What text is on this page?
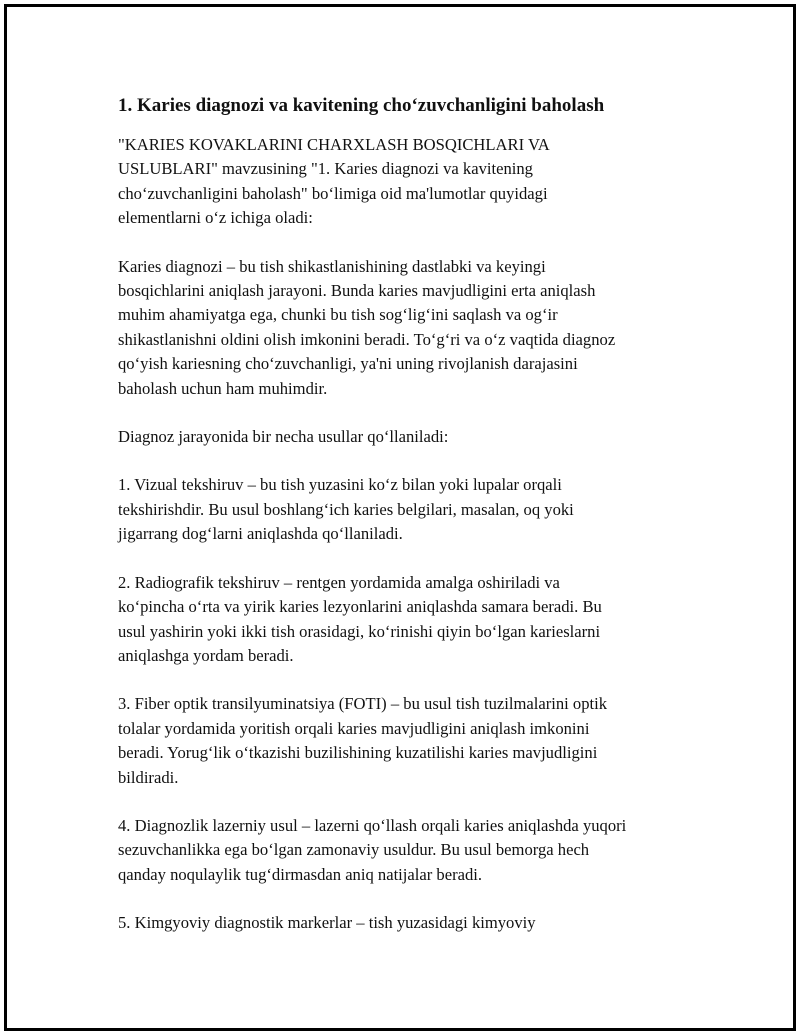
1. Karies diagnozi va kavitening cho‘zuvchanligini baholash

"KARIES KOVAKLARINI CHARXLASH BOSQICHLARI VA
USLUBLARI" mavzusining "1. Karies diagnozi va kavitening
cho‘zuvchanligini baholash" bo‘limiga oid ma'lumotlar quyidagi
elementlarni o‘z ichiga oladi:

Karies diagnozi – bu tish shikastlanishining dastlabki va keyingi
bosqichlarini aniqlash jarayoni. Bunda karies mavjudligini erta aniqlash
muhim ahamiyatga ega, chunki bu tish sog‘lig‘ini saqlash va og‘ir
shikastlanishni oldini olish imkonini beradi. To‘g‘ri va o‘z vaqtida diagnoz
qo‘yish kariesning cho‘zuvchanligi, ya'ni uning rivojlanish darajasini
baholash uchun ham muhimdir.

Diagnoz jarayonida bir necha usullar qo‘llaniladi:

1. Vizual tekshiruv – bu tish yuzasini ko‘z bilan yoki lupalar orqali
tekshirishdir. Bu usul boshlang‘ich karies belgilari, masalan, oq yoki
jigarrang dog‘larni aniqlashda qo‘llaniladi.

2. Radiografik tekshiruv – rentgen yordamida amalga oshiriladi va
ko‘pincha o‘rta va yirik karies lezyonlarini aniqlashda samara beradi. Bu
usul yashirin yoki ikki tish orasidagi, ko‘rinishi qiyin bo‘lgan karieslarni
aniqlashga yordam beradi.

3. Fiber optik transilyuminatsiya (FOTI) – bu usul tish tuzilmalarini optik
tolalar yordamida yoritish orqali karies mavjudligini aniqlash imkonini
beradi. Yorug‘lik o‘tkazishi buzilishining kuzatilishi karies mavjudligini
bildiradi.

4. Diagnozlik lazerniy usul – lazerni qo‘llash orqali karies aniqlashda yuqori
sezuvchanlikka ega bo‘lgan zamonaviy usuldur. Bu usul bemorga hech
qanday noqulaylik tug‘dirmasdan aniq natijalar beradi.

5. Kimgyoviy diagnostik markerlar – tish yuzasidagi kimyoviy
